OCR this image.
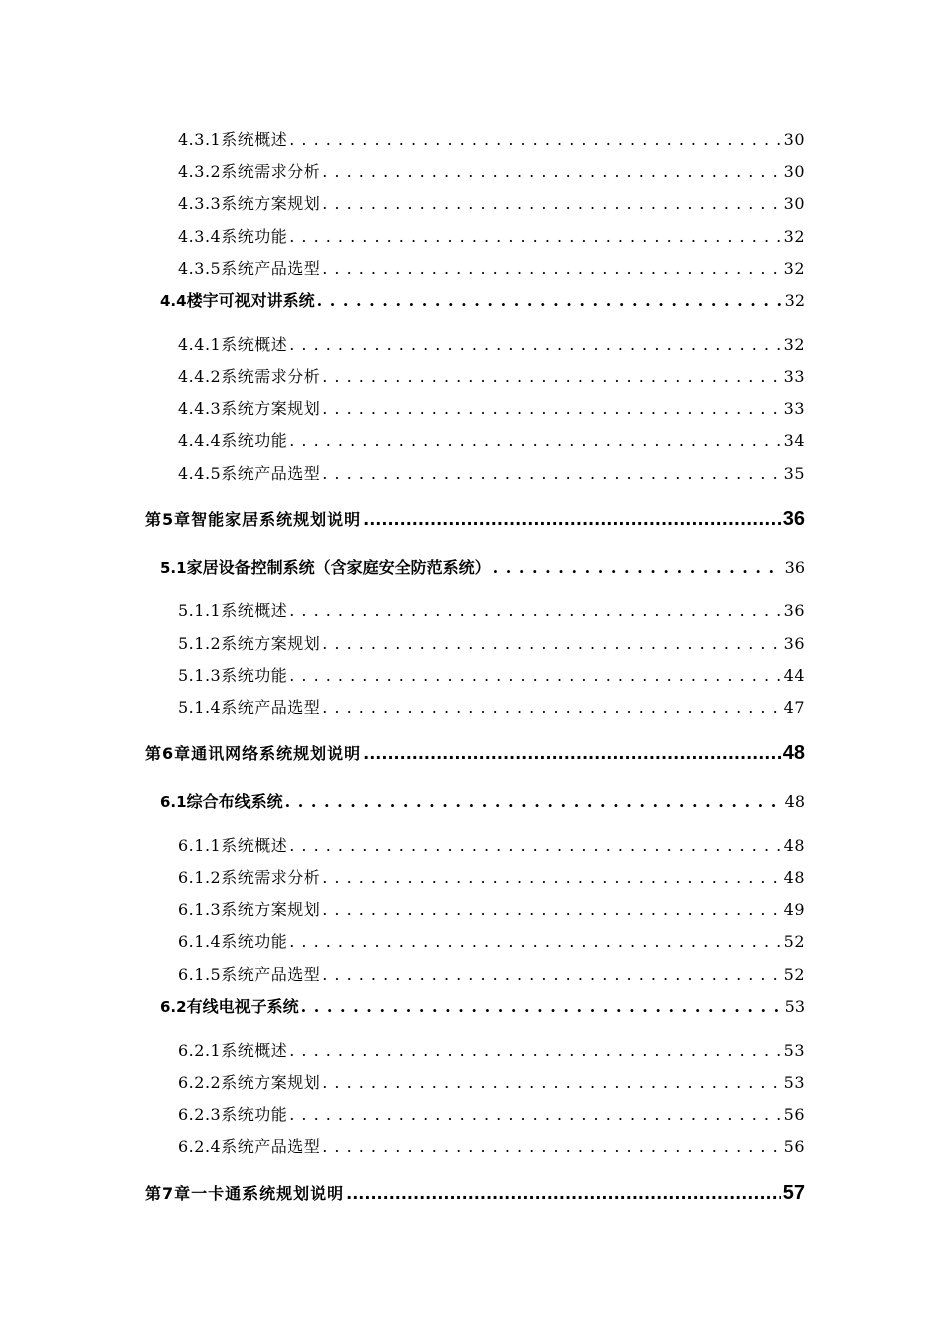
4.3.1 系统概述 . . .	30
4.3.2 系统需求分析 . . .	30
4.3.3 系统方案规划 . . .	30
4.3.4 系统功能 . . .	32
4.3.5 系统产品选型 . . .	32
4.4 楼宇可视对讲系统 . . .	32
4.4.1 系统概述 . . .	32
4.4.2 系统需求分析 . . .	33
4.4.3 系统方案规划 . . .	33
4.4.4 系统功能 . . .	34
4.4.5 系统产品选型 . . .	35
第5章智能家居系统规划说明 .....	36
5.1 家居设备控制系统（含家庭安全防范系统） . . .	36
5.1.1 系统概述 . . .	36
5.1.2 系统方案规划 . . .	36
5.1.3 系统功能 . . .	44
5.1.4 系统产品选型 . . .	47
第6章通讯网络系统规划说明 .....	48
6.1 综合布线系统 . . .	48
6.1.1 系统概述 . . .	48
6.1.2 系统需求分析 . . .	48
6.1.3 系统方案规划 . . .	49
6.1.4 系统功能 . . .	52
6.1.5 系统产品选型 . . .	52
6.2 有线电视子系统 . . .	53
6.2.1 系统概述 . . .	53
6.2.2 系统方案规划 . . .	53
6.2.3 系统功能 . . .	56
6.2.4 系统产品选型 . . .	56
第7章一卡通系统规划说明 .....	57
